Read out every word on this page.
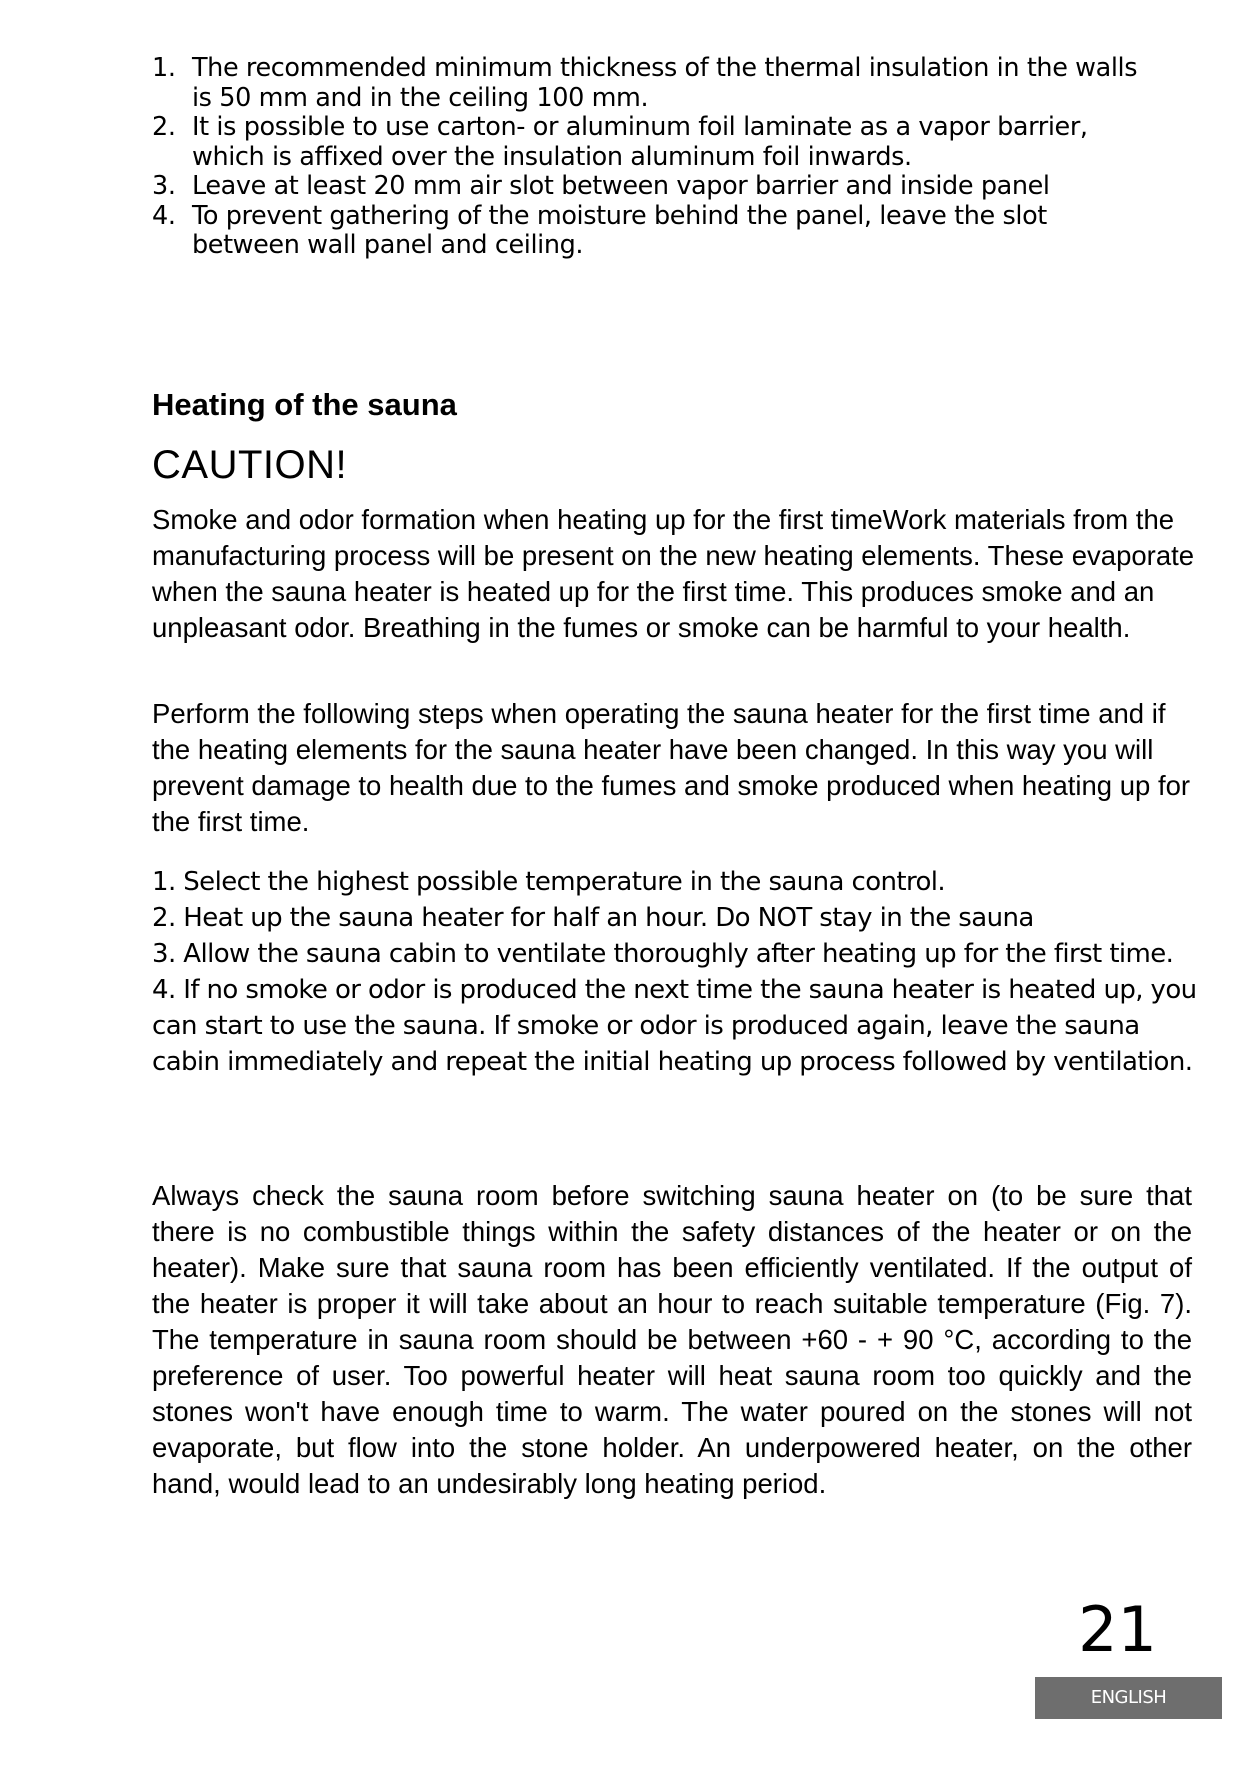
1. The recommended minimum thickness of the thermal insulation in the walls is 50 mm and in the ceiling 100 mm.
2. It is possible to use carton- or aluminum foil laminate as a vapor barrier, which is affixed over the insulation aluminum foil inwards.
3. Leave at least 20 mm air slot between vapor barrier and inside panel
4. To prevent gathering of the moisture behind the panel, leave the slot between wall panel and ceiling.
Heating of the sauna
CAUTION!

Smoke and odor formation when heating up for the first timeWork materials from the manufacturing process will be present on the new heating elements. These evaporate when the sauna heater is heated up for the first time. This produces smoke and an unpleasant odor. Breathing in the fumes or smoke can be harmful to your health.

Perform the following steps when operating the sauna heater for the first time and if the heating elements for the sauna heater have been changed. In this way you will prevent damage to health due to the fumes and smoke produced when heating up for the first time.

1. Select the highest possible temperature in the sauna control.
2. Heat up the sauna heater for half an hour. Do NOT stay in the sauna
3. Allow the sauna cabin to ventilate thoroughly after heating up for the first time.
4. If no smoke or odor is produced the next time the sauna heater is heated up, you can start to use the sauna. If smoke or odor is produced again, leave the sauna cabin immediately and repeat the initial heating up process followed by ventilation.

Always check the sauna room before switching sauna heater on (to be sure that there is no combustible things within the safety distances of the heater or on the heater). Make sure that sauna room has been efficiently ventilated. If the output of the heater is proper it will take about an hour to reach suitable temperature (Fig. 7). The temperature in sauna room should be between +60 - + 90 °C, according to the preference of user. Too powerful heater will heat sauna room too quickly and the stones won't have enough time to warm. The water poured on the stones will not evaporate, but flow into the stone holder. An underpowered heater, on the other hand, would lead to an undesirably long heating period.

21
ENGLISH
